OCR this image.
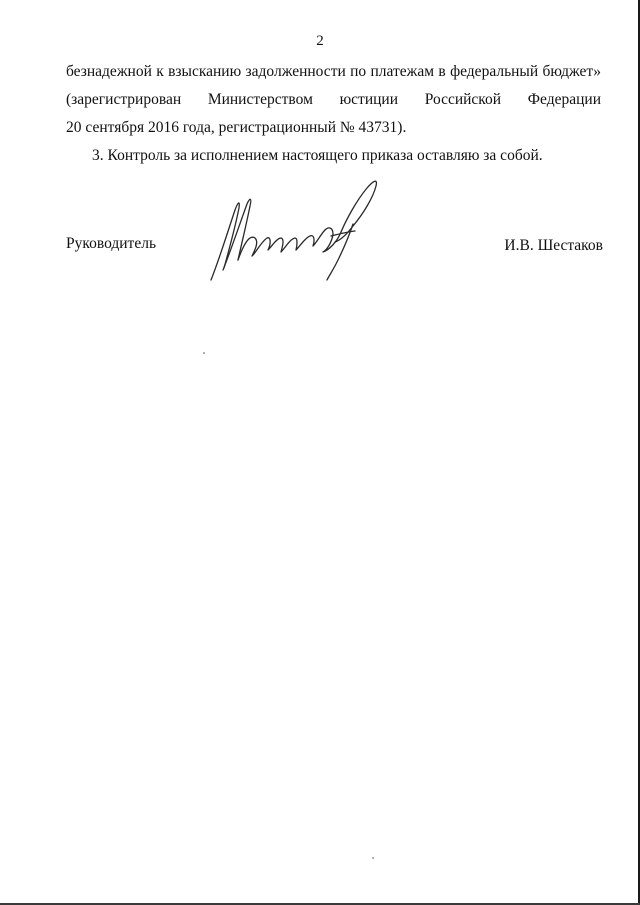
2
безнадежной к взысканию задолженности по платежам в федеральный бюджет»
(зарегистрирован Министерством юстиции Российской Федерации
20 сентября 2016 года, регистрационный № 43731).
3. Контроль за исполнением настоящего приказа оставляю за собой.
Руководитель	И.В. Шестаков
